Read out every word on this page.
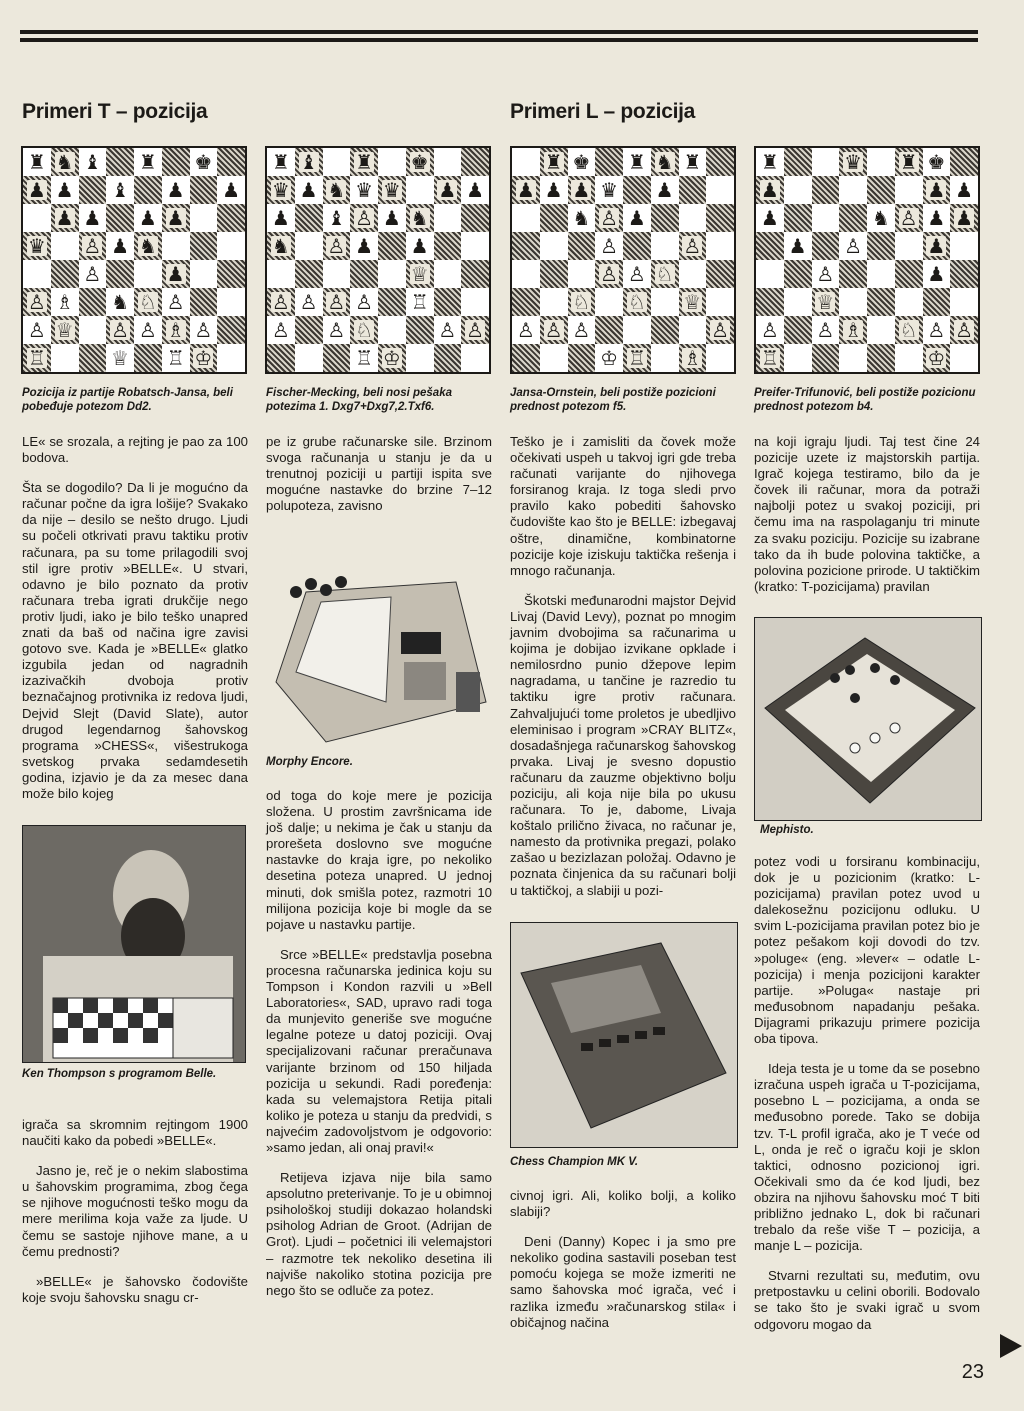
Primeri T – pozicija	Primeri L – pozicija
♜ ♞ ♝ ♜ ♚
♟ ♟ ♝ ♟ ♟
♟ ♟ ♟ ♟
♛ ♙ ♟ ♞
♙	♟
♙ ♗ ♞ ♘ ♙
♙ ♕ ♙ ♙ ♗ ♙
♖	♕ ♖ ♔
♜ ♝ ♜ ♚
♛ ♟ ♞ ♛ ♛ ♟ ♟
♟ ♝ ♙ ♟ ♞
♞ ♙ ♟ ♟
♕
♙ ♙ ♙ ♙ ♖
♙ ♙ ♘	♙ ♙
♖ ♔
♜ ♚ ♜ ♞ ♜
♟ ♟ ♟ ♛ ♟
♞ ♙ ♟
♙	♙
♙ ♙ ♘
♘ ♘ ♕
♙ ♙ ♙	♙
♔ ♖ ♗
♜	♛ ♜ ♚
♟	♟ ♟
♟	♞ ♙ ♟ ♟
♟ ♙	♟
♙	♟
♕
♙ ♙ ♗ ♘ ♙ ♙
♖	♔
Pozicija iz partije Robatsch-Jansa, beli pobeđuje potezom Dd2.
Fischer-Mecking, beli nosi pešaka potezima 1. Dxg7+Dxg7,2.Txf6.
Jansa-Ornstein, beli postiže pozicioni prednost potezom f5.
Preifer-Trifunović, beli postiže pozicionu prednost potezom b4.

LE« se srozala, a rejting je pao za 100 bodova.

Šta se dogodilo? Da li je mogućno da računar počne da igra lošije? Svakako da nije – desilo se nešto drugo. Ljudi su počeli otkrivati pravu taktiku protiv računara, pa su tome prilagodili svoj stil igre protiv »BELLE«. U stvari, odavno je bilo poznato da protiv računara treba igrati drukčije nego protiv ljudi, iako je bilo teško unapred znati da baš od načina igre zavisi gotovo sve. Kada je »BELLE« glatko izgubila jedan od nagradnih izazivačkih dvoboja protiv beznačajnog protivnika iz redova ljudi, Dejvid Slejt (David Slate), autor drugod legendarnog šahovskog programa »CHESS«, višestrukoga svetskog prvaka sedamdesetih godina, izjavio je da za mesec dana može bilo kojeg

Ken Thompson s programom Belle.

igrača sa skromnim rejtingom 1900 naučiti kako da pobedi »BELLE«.

Jasno je, reč je o nekim slabostima u šahovskim programima, zbog čega se njihove mogućnosti teško mogu da mere merilima koja važe za ljude. U čemu se sastoje njihove mane, a u čemu prednosti?

»BELLE« je šahovsko čodovište koje svoju šahovsku snagu cr-

pe iz grube računarske sile. Brzinom svoga računanja u stanju je da u trenutnoj poziciji u partiji ispita sve mogućne nastavke do brzine 7–12 polupoteza, zavisno

Morphy Encore.

od toga do koje mere je pozicija složena. U prostim završnicama ide još dalje; u nekima je čak u stanju da prorešeta doslovno sve mogućne nastavke do kraja igre, po nekoliko desetina poteza unapred. U jednoj minuti, dok smišla potez, razmotri 10 milijona pozicija koje bi mogle da se pojave u nastavku partije.

Srce »BELLE« predstavlja posebna procesna računarska jedinica koju su Tompson i Kondon razvili u »Bell Laboratories«, SAD, upravo radi toga da munjevito generiše sve mogućne legalne poteze u datoj poziciji. Ovaj specijalizovani računar preračunava varijante brzinom od 150 hiljada pozicija u sekundi. Radi poređenja: kada su velemajstora Retija pitali koliko je poteza u stanju da predvidi, s najvećim zadovoljstvom je odgovorio: »samo jedan, ali onaj pravi!«

Retijeva izjava nije bila samo apsolutno preterivanje. To je u obimnoj psihološkoj studiji dokazao holandski psiholog Adrian de Groot. (Adrijan de Grot). Ljudi – početnici ili velemajstori – razmotre tek nekoliko desetina ili najviše nakoliko stotina pozicija pre nego što se odluče za potez.

Teško je i zamisliti da čovek može očekivati uspeh u takvoj igri gde treba računati varijante do njihovega forsiranog kraja. Iz toga sledi prvo pravilo kako pobediti šahovsko čudovište kao što je BELLE: izbegavaj oštre, dinamične, kombinatorne pozicije koje iziskuju taktička rešenja i mnogo računanja.

Škotski međunarodni majstor Dejvid Livaj (David Levy), poznat po mnogim javnim dvobojima sa računarima u kojima je dobijao izvikane opklade i nemilosrdno punio džepove lepim nagradama, u tančine je razredio tu taktiku igre protiv računara. Zahvaljujući tome proletos je ubedljivo eleminisao i program »CRAY BLITZ«, dosadašnjega računarskog šahovskog prvaka. Livaj je svesno dopustio računaru da zauzme objektivno bolju poziciju, ali koja nije bila po ukusu računara. To je, dabome, Livaja koštalo prilično živaca, no računar je, namesto da protivnika pregazi, polako zašao u bezizlazan položaj. Odavno je poznata činjenica da su računari bolji u taktičkoj, a slabiji u pozi-

Chess Champion MK V.

civnoj igri. Ali, koliko bolji, a koliko slabiji?

Deni (Danny) Kopec i ja smo pre nekoliko godina sastavili poseban test pomoću kojega se može izmeriti ne samo šahovska moć igrača, već i razlika između »računarskog stila« i običajnog načina

na koji igraju ljudi. Taj test čine 24 pozicije uzete iz majstorskih partija. Igrač kojega testiramo, bilo da je čovek ili računar, mora da potraži najbolji potez u svakoj poziciji, pri čemu ima na raspolaganju tri minute za svaku poziciju. Pozicije su izabrane tako da ih bude polovina taktičke, a polovina pozicione prirode. U taktičkim (kratko: T-pozicijama) pravilan

Mephisto.

potez vodi u forsiranu kombinaciju, dok je u pozicionim (kratko: L-pozicijama) pravilan potez uvod u dalekosežnu pozicijonu odluku. U svim L-pozicijama pravilan potez bio je potez pešakom koji dovodi do tzv. »poluge« (eng. »lever« – odatle L-pozicija) i menja pozicijoni karakter partije. »Poluga« nastaje pri međusobnom napadanju pešaka. Dijagrami prikazuju primere pozicija oba tipova.

Ideja testa je u tome da se posebno izračuna uspeh igrača u T-pozicijama, posebno L – pozicijama, a onda se međusobno porede. Tako se dobija tzv. T-L profil igrača, ako je T veće od L, onda je reč o igraču koji je sklon taktici, odnosno pozicionoj igri. Očekivali smo da će kod ljudi, bez obzira na njihovu šahovsku moć T biti približno jednako L, dok bi računari trebalo da reše više T – pozicija, a manje L – pozicija.

Stvarni rezultati su, međutim, ovu pretpostavku u celini oborili. Bodovalo se tako što je svaki igrač u svom odgovoru mogao da

23
